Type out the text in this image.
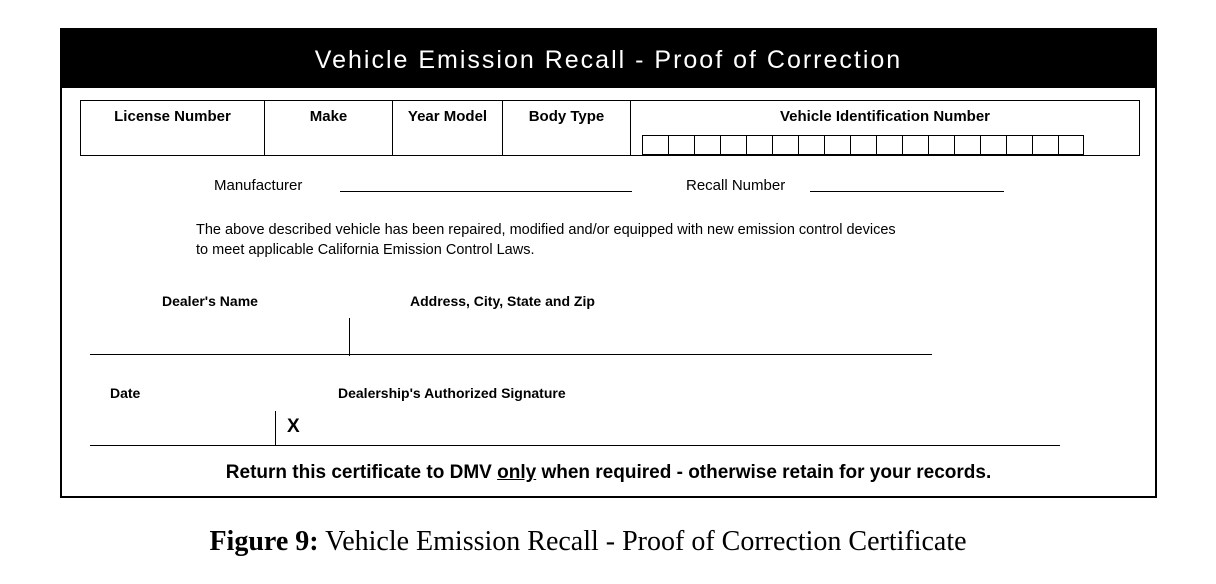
Vehicle Emission Recall - Proof of Correction
License Number	Make	Year Model	Body Type	Vehicle Identification Number
Manufacturer	Recall Number
The above described vehicle has been repaired, modified and/or equipped with new emission control devices
to meet applicable California Emission Control Laws.
Dealer's Name	Address, City, State and Zip
Date	Dealership's Authorized Signature
X
Return this certificate to DMV only when required - otherwise retain for your records.
Figure 9: Vehicle Emission Recall - Proof of Correction Certificate
